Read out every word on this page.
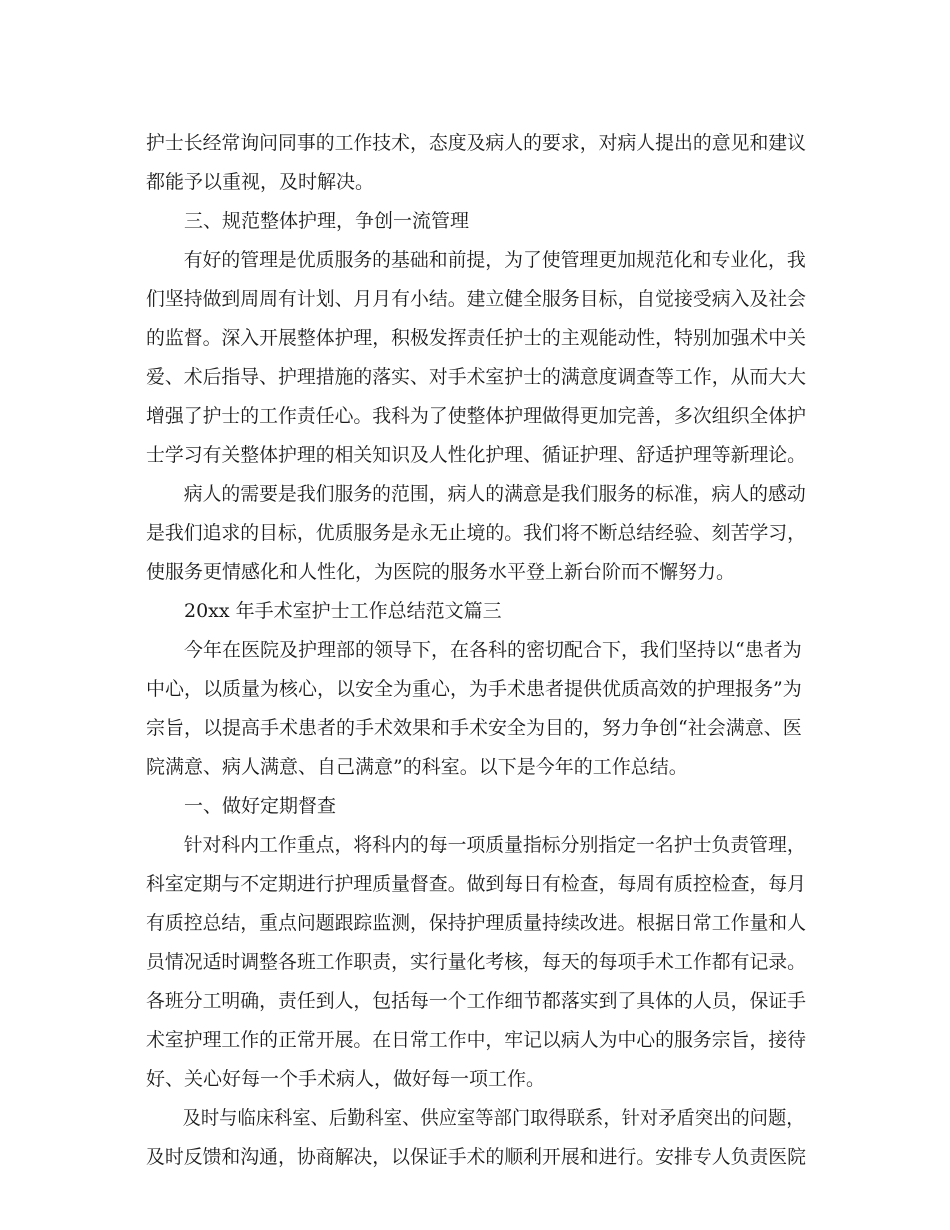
护士长经常询问同事的工作技术，态度及病人的要求，对病人提出的意见和建议
都能予以重视，及时解决。
三、规范整体护理，争创一流管理
有好的管理是优质服务的基础和前提，为了使管理更加规范化和专业化，我
们坚持做到周周有计划、月月有小结。建立健全服务目标，自觉接受病入及社会
的监督。深入开展整体护理，积极发挥责任护士的主观能动性，特别加强术中关
爱、术后指导、护理措施的落实、对手术室护士的满意度调查等工作，从而大大
增强了护士的工作责任心。我科为了使整体护理做得更加完善，多次组织全体护
士学习有关整体护理的相关知识及人性化护理、循证护理、舒适护理等新理论。
病人的需要是我们服务的范围，病人的满意是我们服务的标准，病人的感动
是我们追求的目标，优质服务是永无止境的。我们将不断总结经验、刻苦学习，
使服务更情感化和人性化，为医院的服务水平登上新台阶而不懈努力。
20xx 年手术室护士工作总结范文篇三
今年在医院及护理部的领导下，在各科的密切配合下，我们坚持以“患者为
中心，以质量为核心，以安全为重心，为手术患者提供优质高效的护理报务”为
宗旨，以提高手术患者的手术效果和手术安全为目的，努力争创“社会满意、医
院满意、病人满意、自己满意”的科室。以下是今年的工作总结。
一、做好定期督查
针对科内工作重点，将科内的每一项质量指标分别指定一名护士负责管理，
科室定期与不定期进行护理质量督查。做到每日有检查，每周有质控检查，每月
有质控总结，重点问题跟踪监测，保持护理质量持续改进。根据日常工作量和人
员情况适时调整各班工作职责，实行量化考核，每天的每项手术工作都有记录。
各班分工明确，责任到人，包括每一个工作细节都落实到了具体的人员，保证手
术室护理工作的正常开展。在日常工作中，牢记以病人为中心的服务宗旨，接待
好、关心好每一个手术病人，做好每一项工作。
及时与临床科室、后勤科室、供应室等部门取得联系，针对矛盾突出的问题，
及时反馈和沟通，协商解决，以保证手术的顺利开展和进行。安排专人负责医院
